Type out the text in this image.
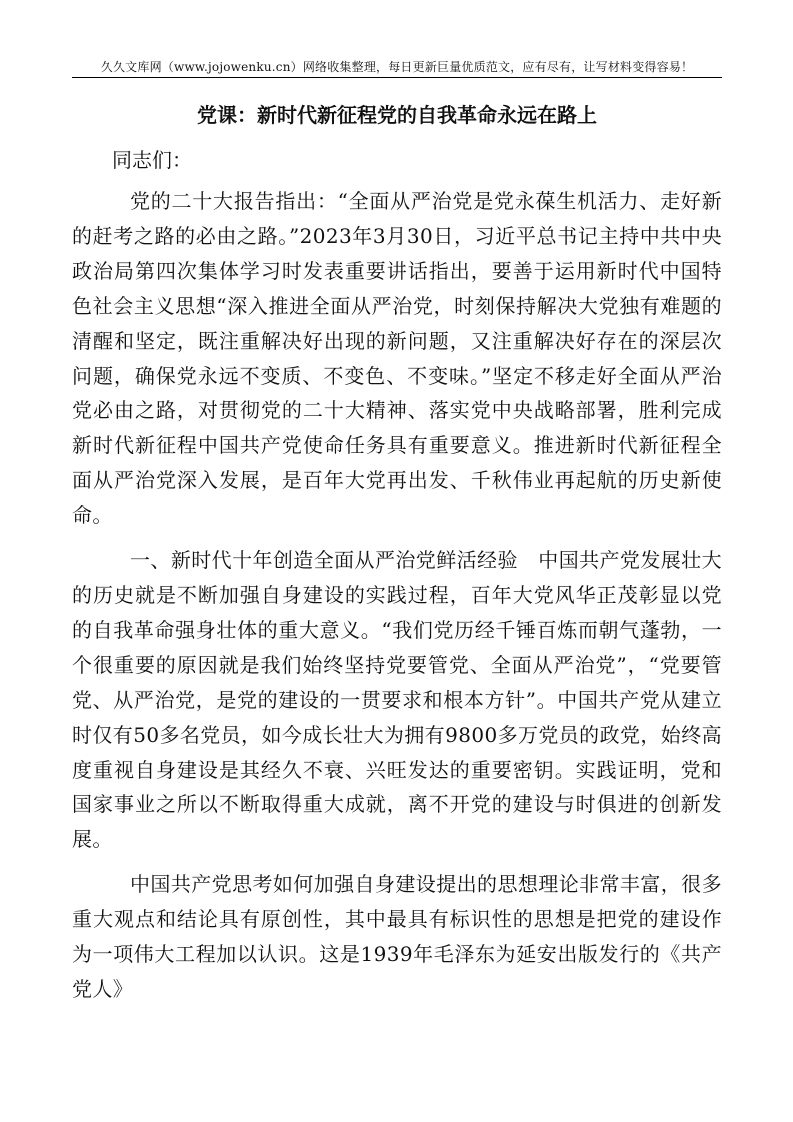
久久文库网（www.jojowenku.cn）网络收集整理，每日更新巨量优质范文，应有尽有，让写材料变得容易！
党课：新时代新征程党的自我革命永远在路上
同志们：

党的二十大报告指出：“全面从严治党是党永葆生机活力、走好新的赶考之路的必由之路。”2023年3月30日，习近平总书记主持中共中央政治局第四次集体学习时发表重要讲话指出，要善于运用新时代中国特色社会主义思想“深入推进全面从严治党，时刻保持解决大党独有难题的清醒和坚定，既注重解决好出现的新问题，又注重解决好存在的深层次问题，确保党永远不变质、不变色、不变味。”坚定不移走好全面从严治党必由之路，对贯彻党的二十大精神、落实党中央战略部署，胜利完成新时代新征程中国共产党使命任务具有重要意义。推进新时代新征程全面从严治党深入发展，是百年大党再出发、千秋伟业再起航的历史新使命。

一、新时代十年创造全面从严治党鲜活经验　中国共产党发展壮大的历史就是不断加强自身建设的实践过程，百年大党风华正茂彰显以党的自我革命强身壮体的重大意义。“我们党历经千锤百炼而朝气蓬勃，一个很重要的原因就是我们始终坚持党要管党、全面从严治党”，“党要管党、从严治党，是党的建设的一贯要求和根本方针”。中国共产党从建立时仅有50多名党员，如今成长壮大为拥有9800多万党员的政党，始终高度重视自身建设是其经久不衰、兴旺发达的重要密钥。实践证明，党和国家事业之所以不断取得重大成就，离不开党的建设与时俱进的创新发展。

中国共产党思考如何加强自身建设提出的思想理论非常丰富，很多重大观点和结论具有原创性，其中最具有标识性的思想是把党的建设作为一项伟大工程加以认识。这是1939年毛泽东为延安出版发行的《共产党人》
